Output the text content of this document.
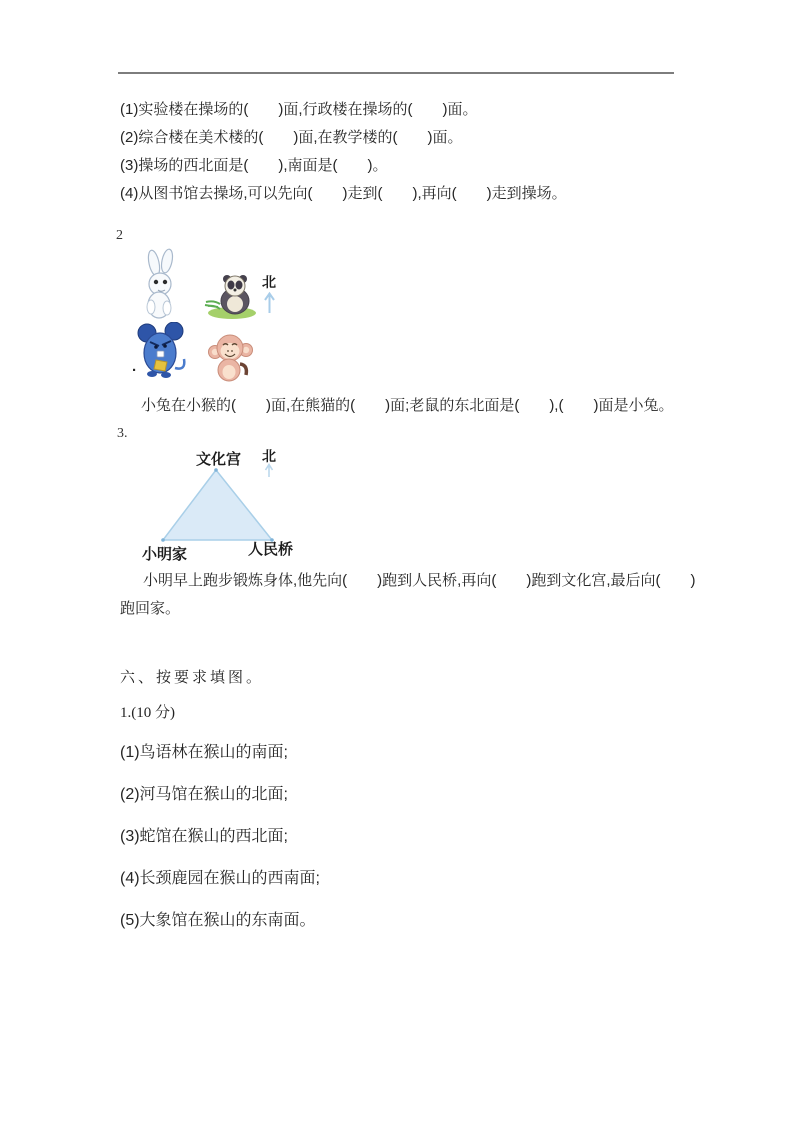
(1)实验楼在操场的(　　)面,行政楼在操场的(　　)面。
(2)综合楼在美术楼的(　　)面,在教学楼的(　　)面。
(3)操场的西北面是(　　),南面是(　　)。
(4)从图书馆去操场,可以先向(　　)走到(　　),再向(　　)走到操场。
2
北
.
小兔在小猴的(　　)面,在熊猫的(　　)面;老鼠的东北面是(　　),(　　)面是小兔。
3.
文化宫 北
小明家	人民桥
小明早上跑步锻炼身体,他先向(　　)跑到人民桥,再向(　　)跑到文化宫,最后向(　　)
跑回家。
六、按要求填图。
1.(10 分)
(1)鸟语林在猴山的南面;
(2)河马馆在猴山的北面;
(3)蛇馆在猴山的西北面;
(4)长颈鹿园在猴山的西南面;
(5)大象馆在猴山的东南面。
